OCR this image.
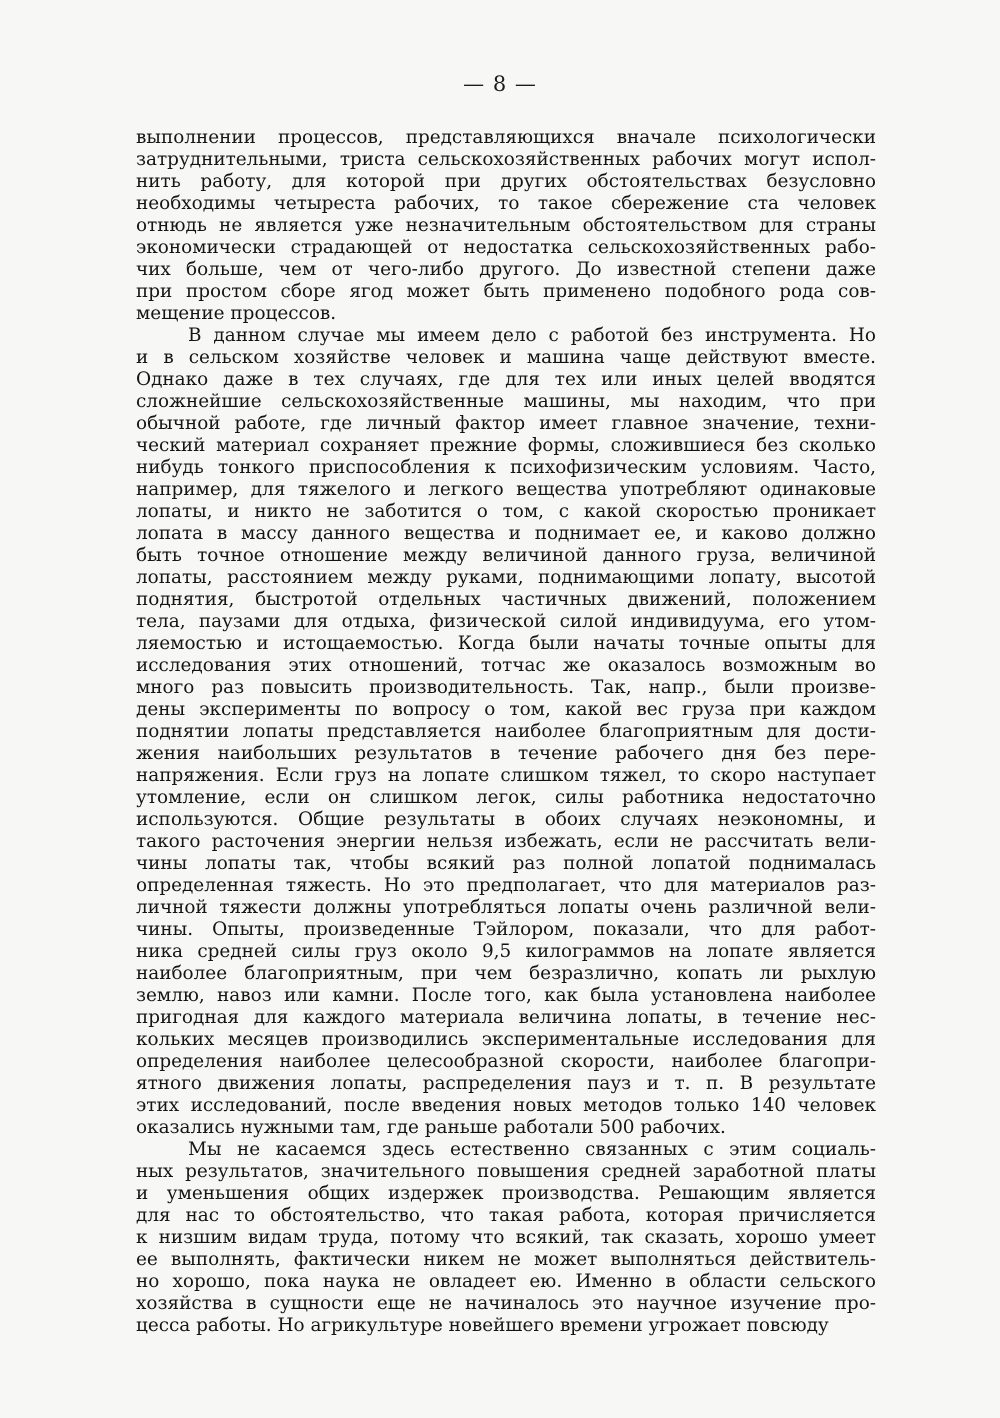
— 8 —
выполнении процессов, представляющихся вначале психологически
затруднительными, триста сельскохозяйственных рабочих могут испол-
нить работу, для которой при других обстоятельствах безусловно
необходимы четыреста рабочих, то такое сбережение ста человек
отнюдь не является уже незначительным обстоятельством для страны
экономически страдающей от недостатка сельскохозяйственных рабо-
чих больше, чем от чего-либо другого. До известной степени даже
при простом сборе ягод может быть применено подобного рода сов-
мещение процессов.
В данном случае мы имеем дело с работой без инструмента. Но
и в сельском хозяйстве человек и машина чаще действуют вместе.
Однако даже в тех случаях, где для тех или иных целей вводятся
сложнейшие сельскохозяйственные машины, мы находим, что при
обычной работе, где личный фактор имеет главное значение, техни-
ческий материал сохраняет прежние формы, сложившиеся без сколько
нибудь тонкого приспособления к психофизическим условиям. Часто,
например, для тяжелого и легкого вещества употребляют одинаковые
лопаты, и никто не заботится о том, с какой скоростью проникает
лопата в массу данного вещества и поднимает ее, и каково должно
быть точное отношение между величиной данного груза, величиной
лопаты, расстоянием между руками, поднимающими лопату, высотой
поднятия, быстротой отдельных частичных движений, положением
тела, паузами для отдыха, физической силой индивидуума, его утом-
ляемостью и истощаемостью. Когда были начаты точные опыты для
исследования этих отношений, тотчас же оказалось возможным во
много раз повысить производительность. Так, напр., были произве-
дены эксперименты по вопросу о том, какой вес груза при каждом
поднятии лопаты представляется наиболее благоприятным для дости-
жения наибольших результатов в течение рабочего дня без пере-
напряжения. Если груз на лопате слишком тяжел, то скоро наступает
утомление, если он слишком легок, силы работника недостаточно
используются. Общие результаты в обоих случаях неэкономны, и
такого расточения энергии нельзя избежать, если не рассчитать вели-
чины лопаты так, чтобы всякий раз полной лопатой поднималась
определенная тяжесть. Но это предполагает, что для материалов раз-
личной тяжести должны употребляться лопаты очень различной вели-
чины. Опыты, произведенные Тэйлором, показали, что для работ-
ника средней силы груз около 9,5 килограммов на лопате является
наиболее благоприятным, при чем безразлично, копать ли рыхлую
землю, навоз или камни. После того, как была установлена наиболее
пригодная для каждого материала величина лопаты, в течение нес-
кольких месяцев производились экспериментальные исследования для
определения наиболее целесообразной скорости, наиболее благопри-
ятного движения лопаты, распределения пауз и т. п. В результате
этих исследований, после введения новых методов только 140 человек
оказались нужными там, где раньше работали 500 рабочих.
Мы не касаемся здесь естественно связанных с этим социаль-
ных результатов, значительного повышения средней заработной платы
и уменьшения общих издержек производства. Решающим является
для нас то обстоятельство, что такая работа, которая причисляется
к низшим видам труда, потому что всякий, так сказать, хорошо умеет
ее выполнять, фактически никем не может выполняться действитель-
но хорошо, пока наука не овладеет ею. Именно в области сельского
хозяйства в сущности еще не начиналось это научное изучение про-
цесса работы. Но агрикультуре новейшего времени угрожает повсюду
